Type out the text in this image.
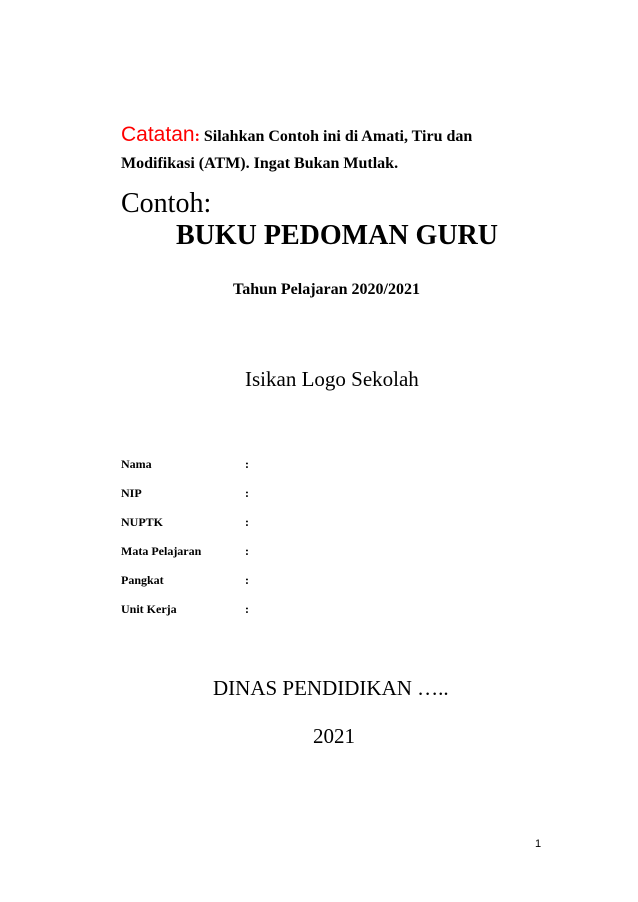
Catatan: Silahkan Contoh ini di Amati, Tiru dan
Modifikasi (ATM). Ingat Bukan Mutlak.
Contoh:
BUKU PEDOMAN GURU
Tahun Pelajaran 2020/2021
Isikan Logo Sekolah
Nama	:
NIP	:
NUPTK	:
Mata Pelajaran	:
Pangkat	:
Unit Kerja	:
DINAS PENDIDIKAN …..
2021
1
